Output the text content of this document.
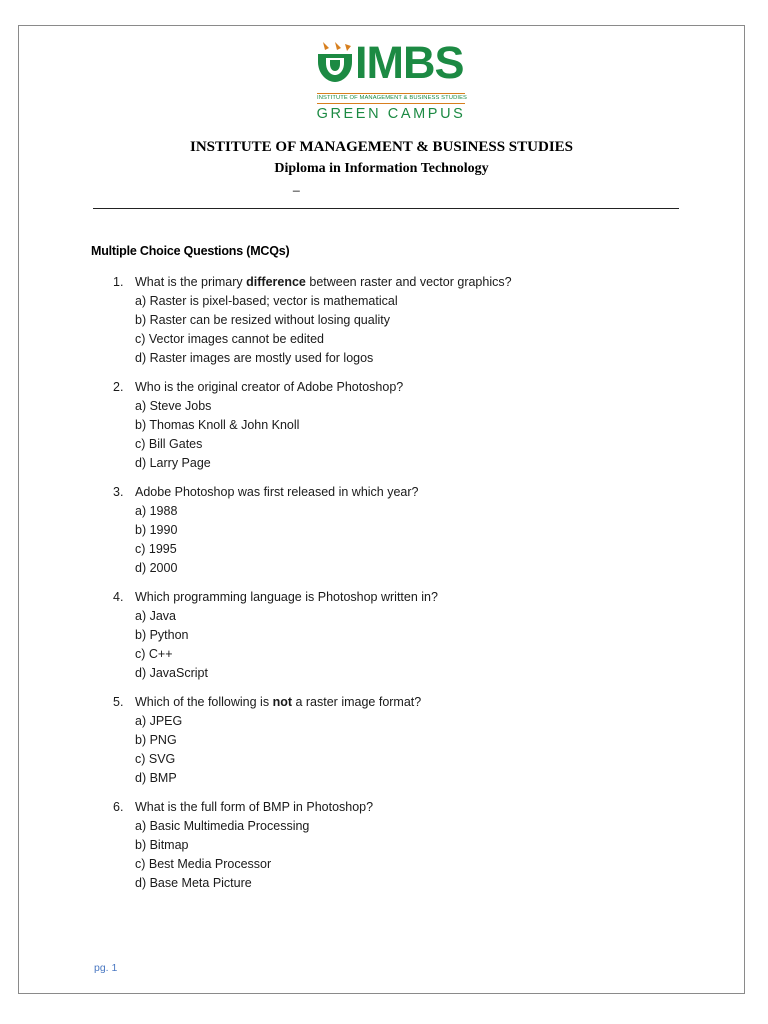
IMBS
INSTITUTE OF MANAGEMENT & BUSINESS STUDIES
GREEN CAMPUS
INSTITUTE OF MANAGEMENT & BUSINESS STUDIES
Diploma in Information Technology
_
Multiple Choice Questions (MCQs)
1. What is the primary difference between raster and vector graphics?
a) Raster is pixel-based; vector is mathematical
b) Raster can be resized without losing quality
c) Vector images cannot be edited
d) Raster images are mostly used for logos
2. Who is the original creator of Adobe Photoshop?
a) Steve Jobs
b) Thomas Knoll & John Knoll
c) Bill Gates
d) Larry Page
3. Adobe Photoshop was first released in which year?
a) 1988
b) 1990
c) 1995
d) 2000
4. Which programming language is Photoshop written in?
a) Java
b) Python
c) C++
d) JavaScript
5. Which of the following is not a raster image format?
a) JPEG
b) PNG
c) SVG
d) BMP
6. What is the full form of BMP in Photoshop?
a) Basic Multimedia Processing
b) Bitmap
c) Best Media Processor
d) Base Meta Picture
pg. 1
